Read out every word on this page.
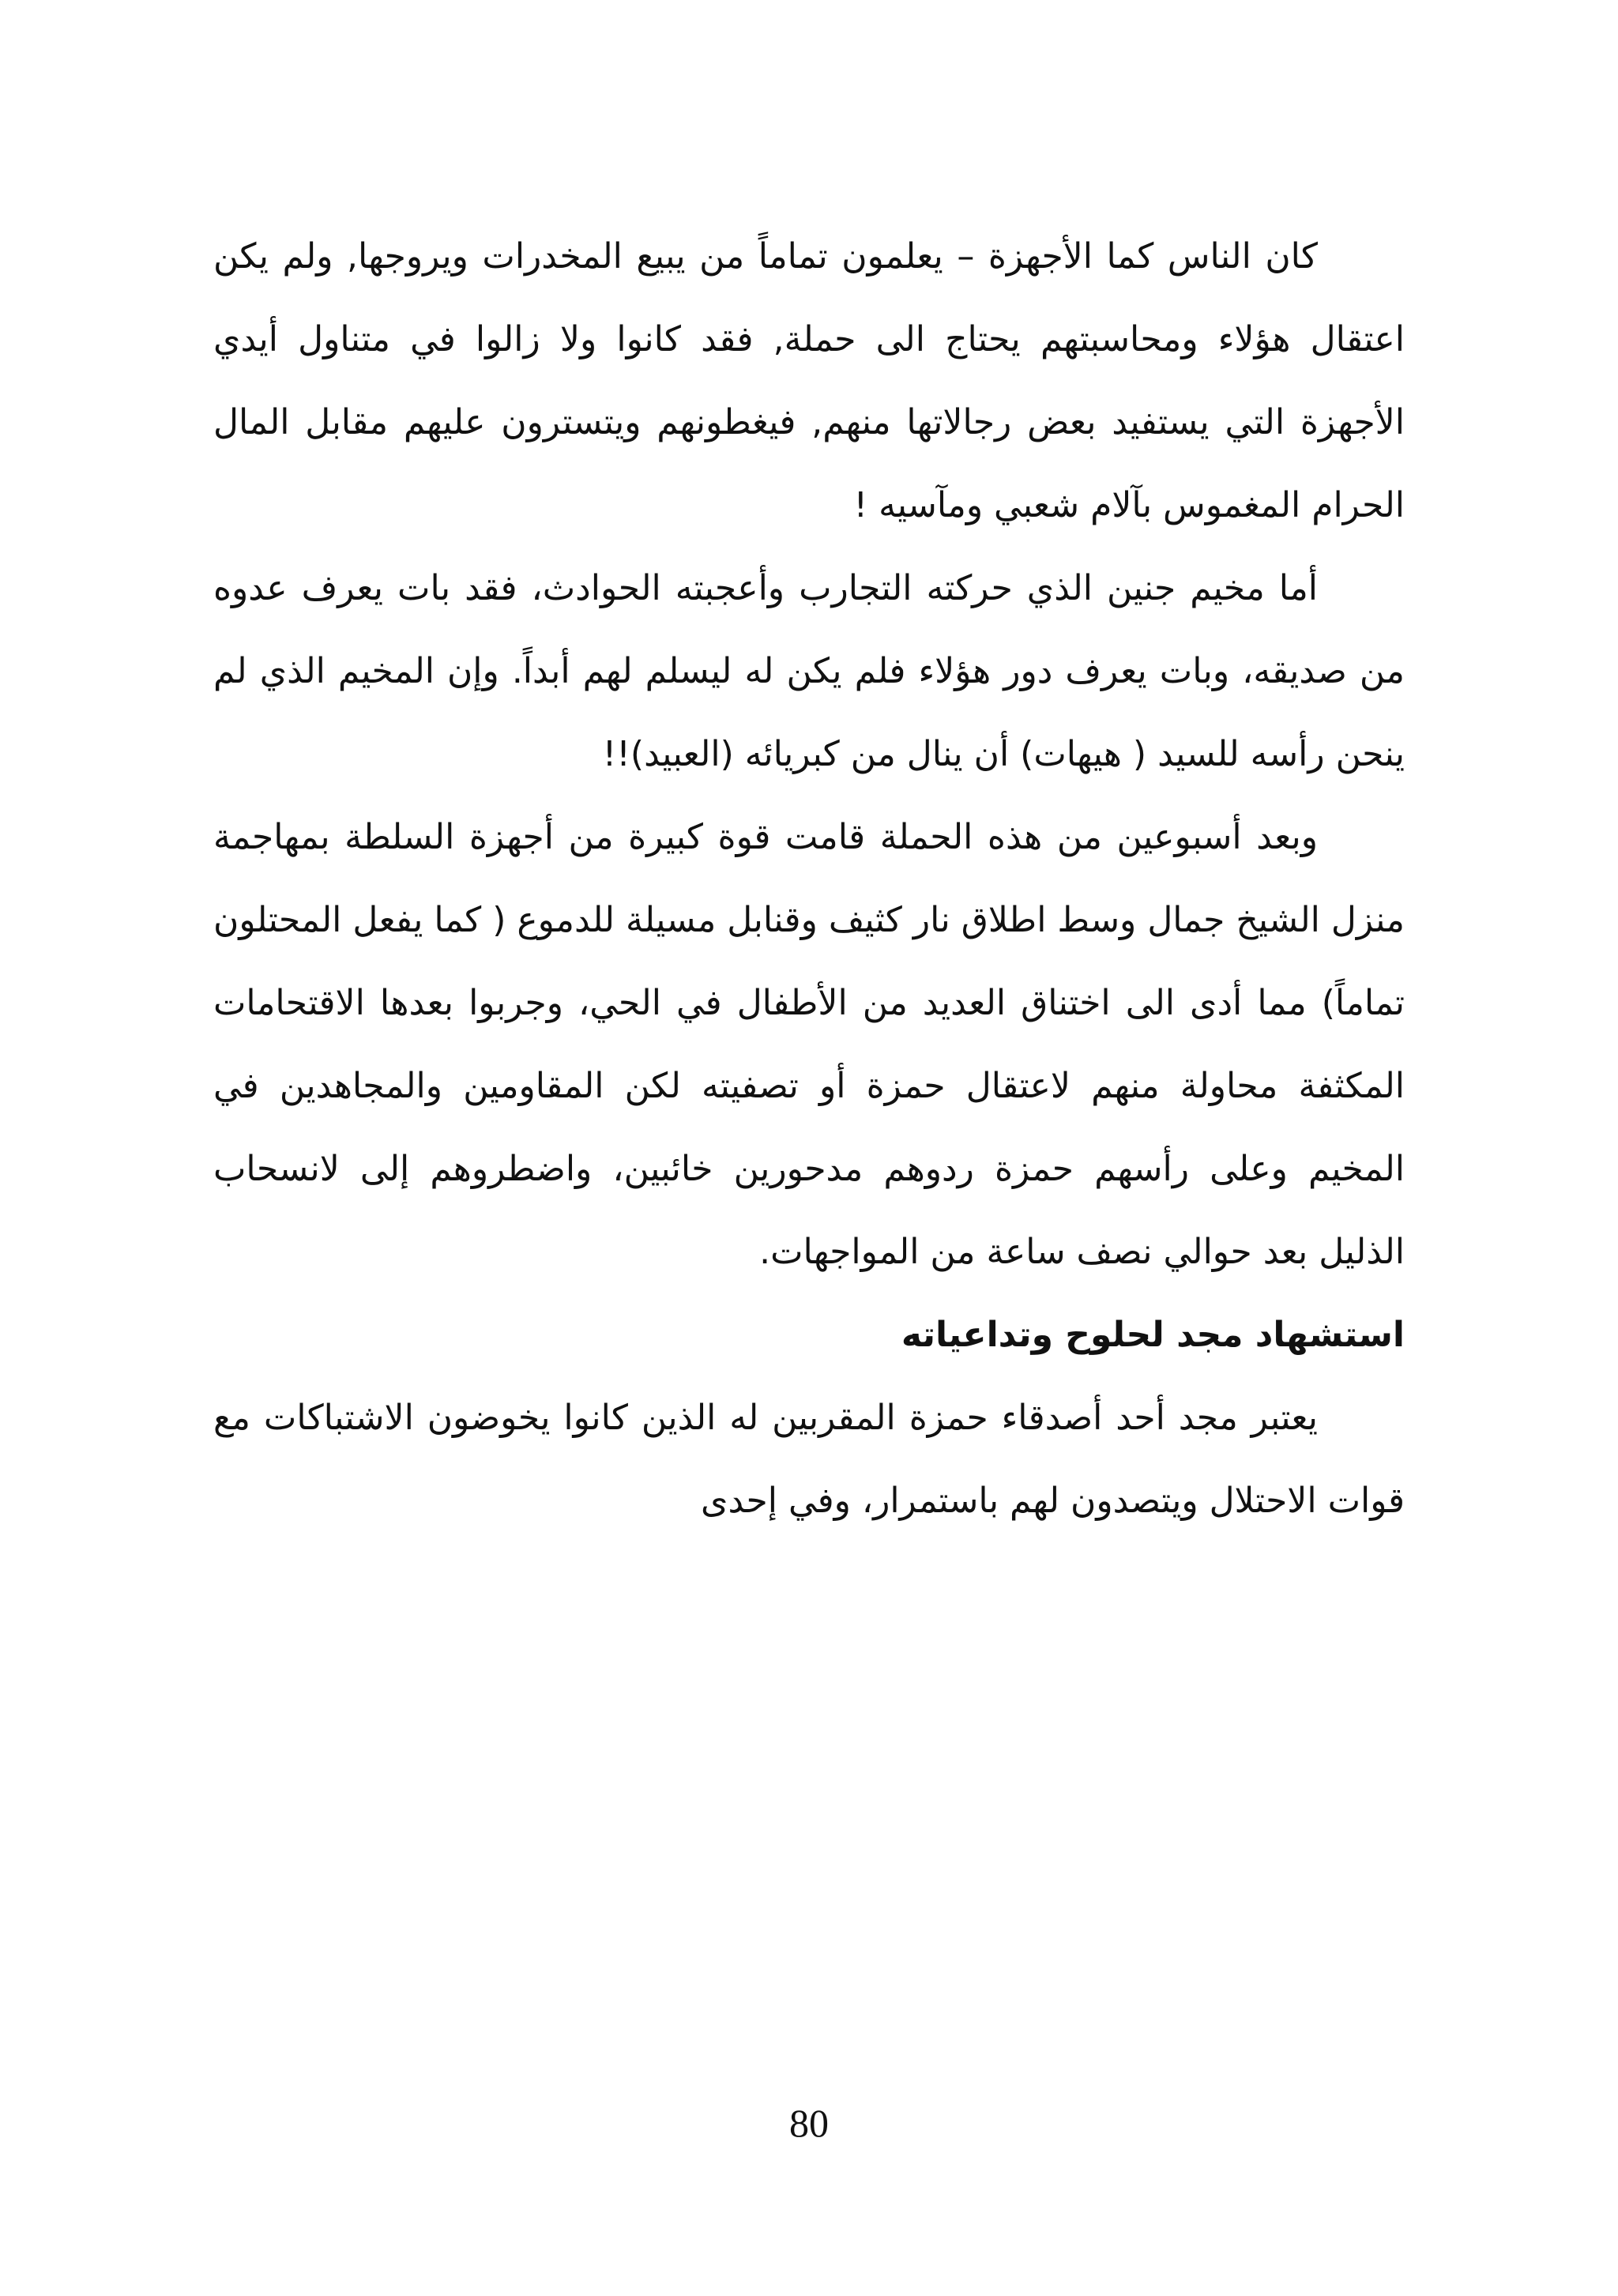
كان الناس كما الأجهزة – يعلمون تماماً من يبيع المخدرات ويروجها, ولم يكن اعتقال هؤلاء ومحاسبتهم يحتاج الى حملة, فقد كانوا ولا زالوا في متناول أيدي الأجهزة التي يستفيد بعض رجالاتها منهم, فيغطونهم ويتسترون عليهم مقابل المال الحرام المغموس بآلام شعبي ومآسيه !

أما مخيم جنين الذي حركته التجارب وأعجبته الحوادث، فقد بات يعرف عدوه من صديقه، وبات يعرف دور هؤلاء فلم يكن له ليسلم لهم أبداً. وإن المخيم الذي لم ينحن رأسه للسيد ( هيهات) أن ينال من كبريائه (العبيد)!!

وبعد أسبوعين من هذه الحملة قامت قوة كبيرة من أجهزة السلطة بمهاجمة منزل الشيخ جمال وسط اطلاق نار كثيف وقنابل مسيلة للدموع ( كما يفعل المحتلون تماماً) مما أدى الى اختناق العديد من الأطفال في الحي، وجربوا بعدها الاقتحامات المكثفة محاولة منهم لاعتقال حمزة أو تصفيته لكن المقاومين والمجاهدين في المخيم وعلى رأسهم حمزة ردوهم مدحورين خائبين، واضطروهم إلى لانسحاب الذليل بعد حوالي نصف ساعة من المواجهات.

استشهاد مجد لحلوح وتداعياته

يعتبر مجد أحد أصدقاء حمزة المقربين له الذين كانوا يخوضون الاشتباكات مع قوات الاحتلال ويتصدون لهم باستمرار، وفي إحدى

80
